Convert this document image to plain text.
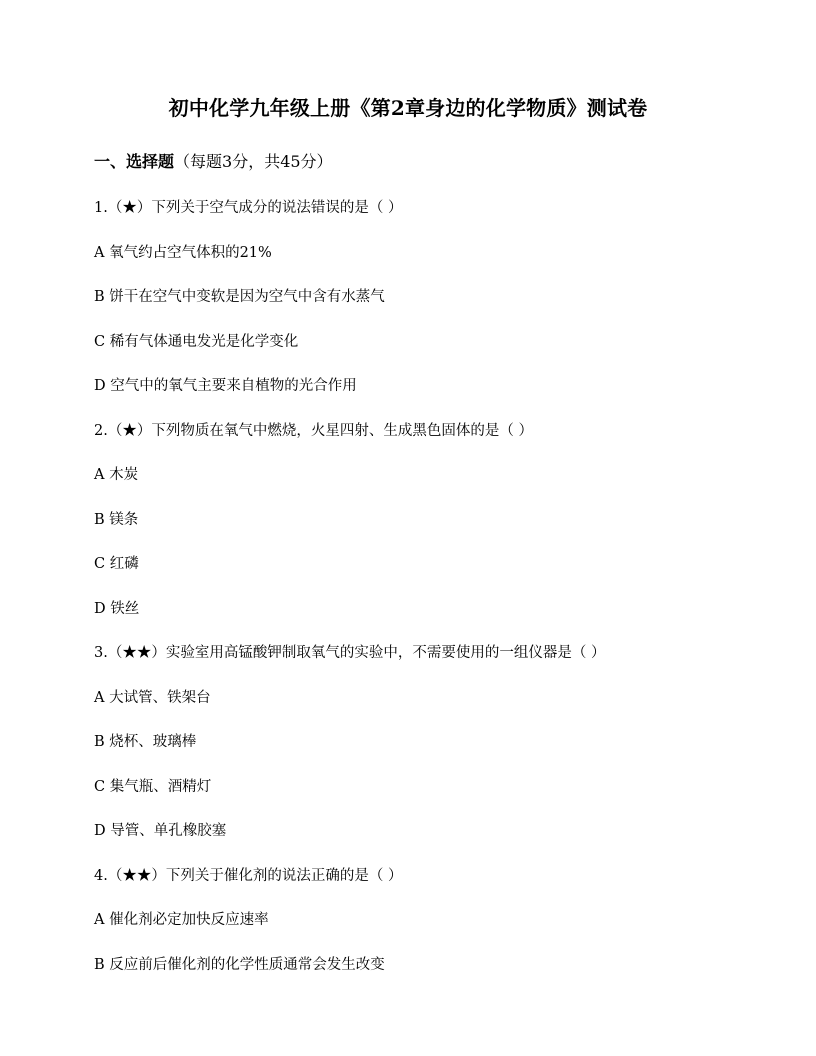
初中化学九年级上册《第2章身边的化学物质》测试卷
一、选择题（每题3分，共45分）
1.（★）下列关于空气成分的说法错误的是（ ）
A 氧气约占空气体积的21%
B 饼干在空气中变软是因为空气中含有水蒸气
C 稀有气体通电发光是化学变化
D 空气中的氧气主要来自植物的光合作用
2.（★）下列物质在氧气中燃烧，火星四射、生成黑色固体的是（ ）
A 木炭
B 镁条
C 红磷
D 铁丝
3.（★★）实验室用高锰酸钾制取氧气的实验中，不需要使用的一组仪器是（ ）
A 大试管、铁架台
B 烧杯、玻璃棒
C 集气瓶、酒精灯
D 导管、单孔橡胶塞
4.（★★）下列关于催化剂的说法正确的是（ ）
A 催化剂必定加快反应速率
B 反应前后催化剂的化学性质通常会发生改变
